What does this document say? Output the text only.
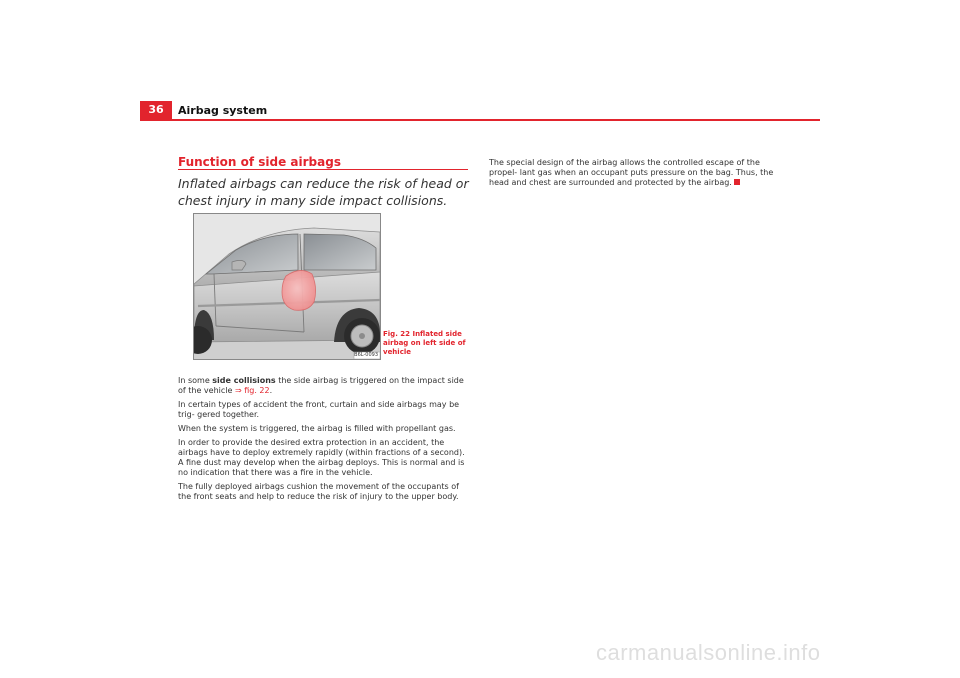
36	Airbag system
Function of side airbags
Inflated airbags can reduce the risk of head or chest injury in many side impact collisions.
B6L-0093
Fig. 22 Inflated side airbag on left side of vehicle

In some side collisions the side airbag is triggered on the impact side of the vehicle ⇒ fig. 22.

In certain types of accident the front, curtain and side airbags may be trig- gered together.

When the system is triggered, the airbag is filled with propellant gas.

In order to provide the desired extra protection in an accident, the airbags have to deploy extremely rapidly (within fractions of a second). A fine dust may develop when the airbag deploys. This is normal and is no indication that there was a fire in the vehicle.

The fully deployed airbags cushion the movement of the occupants of the front seats and help to reduce the risk of injury to the upper body.

The special design of the airbag allows the controlled escape of the propel- lant gas when an occupant puts pressure on the bag. Thus, the head and chest are surrounded and protected by the airbag.

carmanualsonline.info
